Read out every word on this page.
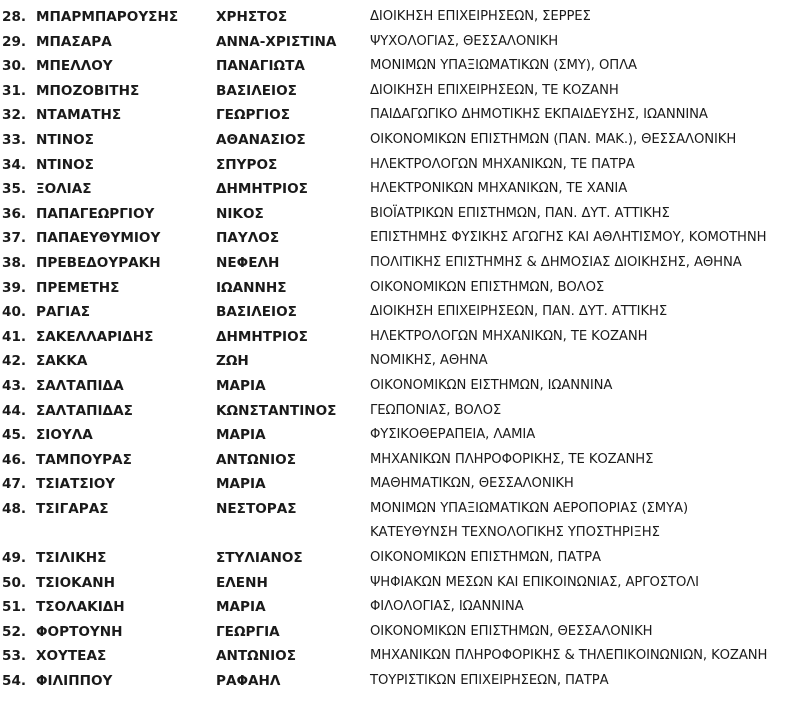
28. ΜΠΑΡΜΠΑΡΟΥΣΗΣ	ΧΡΗΣΤΟΣ	ΔΙΟΙΚΗΣΗ ΕΠΙΧΕΙΡΗΣΕΩΝ, ΣΕΡΡΕΣ
29. ΜΠΑΣΑΡΑ	ΑΝΝΑ-ΧΡΙΣΤΙΝΑ	ΨΥΧΟΛΟΓΙΑΣ, ΘΕΣΣΑΛΟΝΙΚΗ
30. ΜΠΕΛΛΟΥ	ΠΑΝΑΓΙΩΤΑ	ΜΟΝΙΜΩΝ ΥΠΑΞΙΩΜΑΤΙΚΩΝ (ΣΜΥ), ΟΠΛΑ
31. ΜΠΟΖΟΒΙΤΗΣ	ΒΑΣΙΛΕΙΟΣ	ΔΙΟΙΚΗΣΗ ΕΠΙΧΕΙΡΗΣΕΩΝ, ΤΕ ΚΟΖΑΝΗ
32. ΝΤΑΜΑΤΗΣ	ΓΕΩΡΓΙΟΣ	ΠΑΙΔΑΓΩΓΙΚΟ ΔΗΜΟΤΙΚΗΣ ΕΚΠΑΙΔΕΥΣΗΣ, ΙΩΑΝΝΙΝΑ
33. ΝΤΙΝΟΣ	ΑΘΑΝΑΣΙΟΣ	ΟΙΚΟΝΟΜΙΚΩΝ ΕΠΙΣΤΗΜΩΝ (ΠΑΝ. ΜΑΚ.), ΘΕΣΣΑΛΟΝΙΚΗ
34. ΝΤΙΝΟΣ	ΣΠΥΡΟΣ	ΗΛΕΚΤΡΟΛΟΓΩΝ ΜΗΧΑΝΙΚΩΝ, ΤΕ ΠΑΤΡΑ
35. ΞΟΛΙΑΣ	ΔΗΜΗΤΡΙΟΣ	ΗΛΕΚΤΡΟΝΙΚΩΝ ΜΗΧΑΝΙΚΩΝ, ΤΕ ΧΑΝΙΑ
36. ΠΑΠΑΓΕΩΡΓΙΟΥ	ΝΙΚΟΣ	ΒΙΟΪΑΤΡΙΚΩΝ ΕΠΙΣΤΗΜΩΝ, ΠΑΝ. ΔΥΤ. ΑΤΤΙΚΗΣ
37. ΠΑΠΑΕΥΘΥΜΙΟΥ	ΠΑΥΛΟΣ	ΕΠΙΣΤΗΜΗΣ ΦΥΣΙΚΗΣ ΑΓΩΓΗΣ ΚΑΙ ΑΘΛΗΤΙΣΜΟΥ, ΚΟΜΟΤΗΝΗ
38. ΠΡΕΒΕΔΟΥΡΑΚΗ	ΝΕΦΕΛΗ	ΠΟΛΙΤΙΚΗΣ ΕΠΙΣΤΗΜΗΣ & ΔΗΜΟΣΙΑΣ ΔΙΟΙΚΗΣΗΣ, ΑΘΗΝΑ
39. ΠΡΕΜΕΤΗΣ	ΙΩΑΝΝΗΣ	ΟΙΚΟΝΟΜΙΚΩΝ ΕΠΙΣΤΗΜΩΝ, ΒΟΛΟΣ
40. ΡΑΓΙΑΣ	ΒΑΣΙΛΕΙΟΣ	ΔΙΟΙΚΗΣΗ ΕΠΙΧΕΙΡΗΣΕΩΝ, ΠΑΝ. ΔΥΤ. ΑΤΤΙΚΗΣ
41. ΣΑΚΕΛΛΑΡΙΔΗΣ	ΔΗΜΗΤΡΙΟΣ	ΗΛΕΚΤΡΟΛΟΓΩΝ ΜΗΧΑΝΙΚΩΝ, ΤΕ ΚΟΖΑΝΗ
42. ΣΑΚΚΑ	ΖΩΗ	ΝΟΜΙΚΗΣ, ΑΘΗΝΑ
43. ΣΑΛΤΑΠΙΔΑ	ΜΑΡΙΑ	ΟΙΚΟΝΟΜΙΚΩΝ ΕΙΣΤΗΜΩΝ, ΙΩΑΝΝΙΝΑ
44. ΣΑΛΤΑΠΙΔΑΣ	ΚΩΝΣΤΑΝΤΙΝΟΣ	ΓΕΩΠΟΝΙΑΣ, ΒΟΛΟΣ
45. ΣΙΟΥΛΑ	ΜΑΡΙΑ	ΦΥΣΙΚΟΘΕΡΑΠΕΙΑ, ΛΑΜΙΑ
46. ΤΑΜΠΟΥΡΑΣ	ΑΝΤΩΝΙΟΣ	ΜΗΧΑΝΙΚΩΝ ΠΛΗΡΟΦΟΡΙΚΗΣ, ΤΕ ΚΟΖΑΝΗΣ
47. ΤΣΙΑΤΣΙΟΥ	ΜΑΡΙΑ	ΜΑΘΗΜΑΤΙΚΩΝ, ΘΕΣΣΑΛΟΝΙΚΗ
48. ΤΣΙΓΑΡΑΣ	ΝΕΣΤΟΡΑΣ	ΜΟΝΙΜΩΝ ΥΠΑΞΙΩΜΑΤΙΚΩΝ ΑΕΡΟΠΟΡΙΑΣ (ΣΜΥΑ)
ΚΑΤΕΥΘΥΝΣΗ ΤΕΧΝΟΛΟΓΙΚΗΣ ΥΠΟΣΤΗΡΙΞΗΣ
49. ΤΣΙΛΙΚΗΣ	ΣΤΥΛΙΑΝΟΣ	ΟΙΚΟΝΟΜΙΚΩΝ ΕΠΙΣΤΗΜΩΝ, ΠΑΤΡΑ
50. ΤΣΙΟΚΑΝΗ	ΕΛΕΝΗ	ΨΗΦΙΑΚΩΝ ΜΕΣΩΝ ΚΑΙ ΕΠΙΚΟΙΝΩΝΙΑΣ, ΑΡΓΟΣΤΟΛΙ
51. ΤΣΟΛΑΚΙΔΗ	ΜΑΡΙΑ	ΦΙΛΟΛΟΓΙΑΣ, ΙΩΑΝΝΙΝΑ
52. ΦΟΡΤΟΥΝΗ	ΓΕΩΡΓΙΑ	ΟΙΚΟΝΟΜΙΚΩΝ ΕΠΙΣΤΗΜΩΝ, ΘΕΣΣΑΛΟΝΙΚΗ
53. ΧΟΥΤΕΑΣ	ΑΝΤΩΝΙΟΣ	ΜΗΧΑΝΙΚΩΝ ΠΛΗΡΟΦΟΡΙΚΗΣ & ΤΗΛΕΠΙΚΟΙΝΩΝΙΩΝ, ΚΟΖΑΝΗ
54. ΦΙΛΙΠΠΟΥ	ΡΑΦΑΗΛ	ΤΟΥΡΙΣΤΙΚΩΝ ΕΠΙΧΕΙΡΗΣΕΩΝ, ΠΑΤΡΑ
